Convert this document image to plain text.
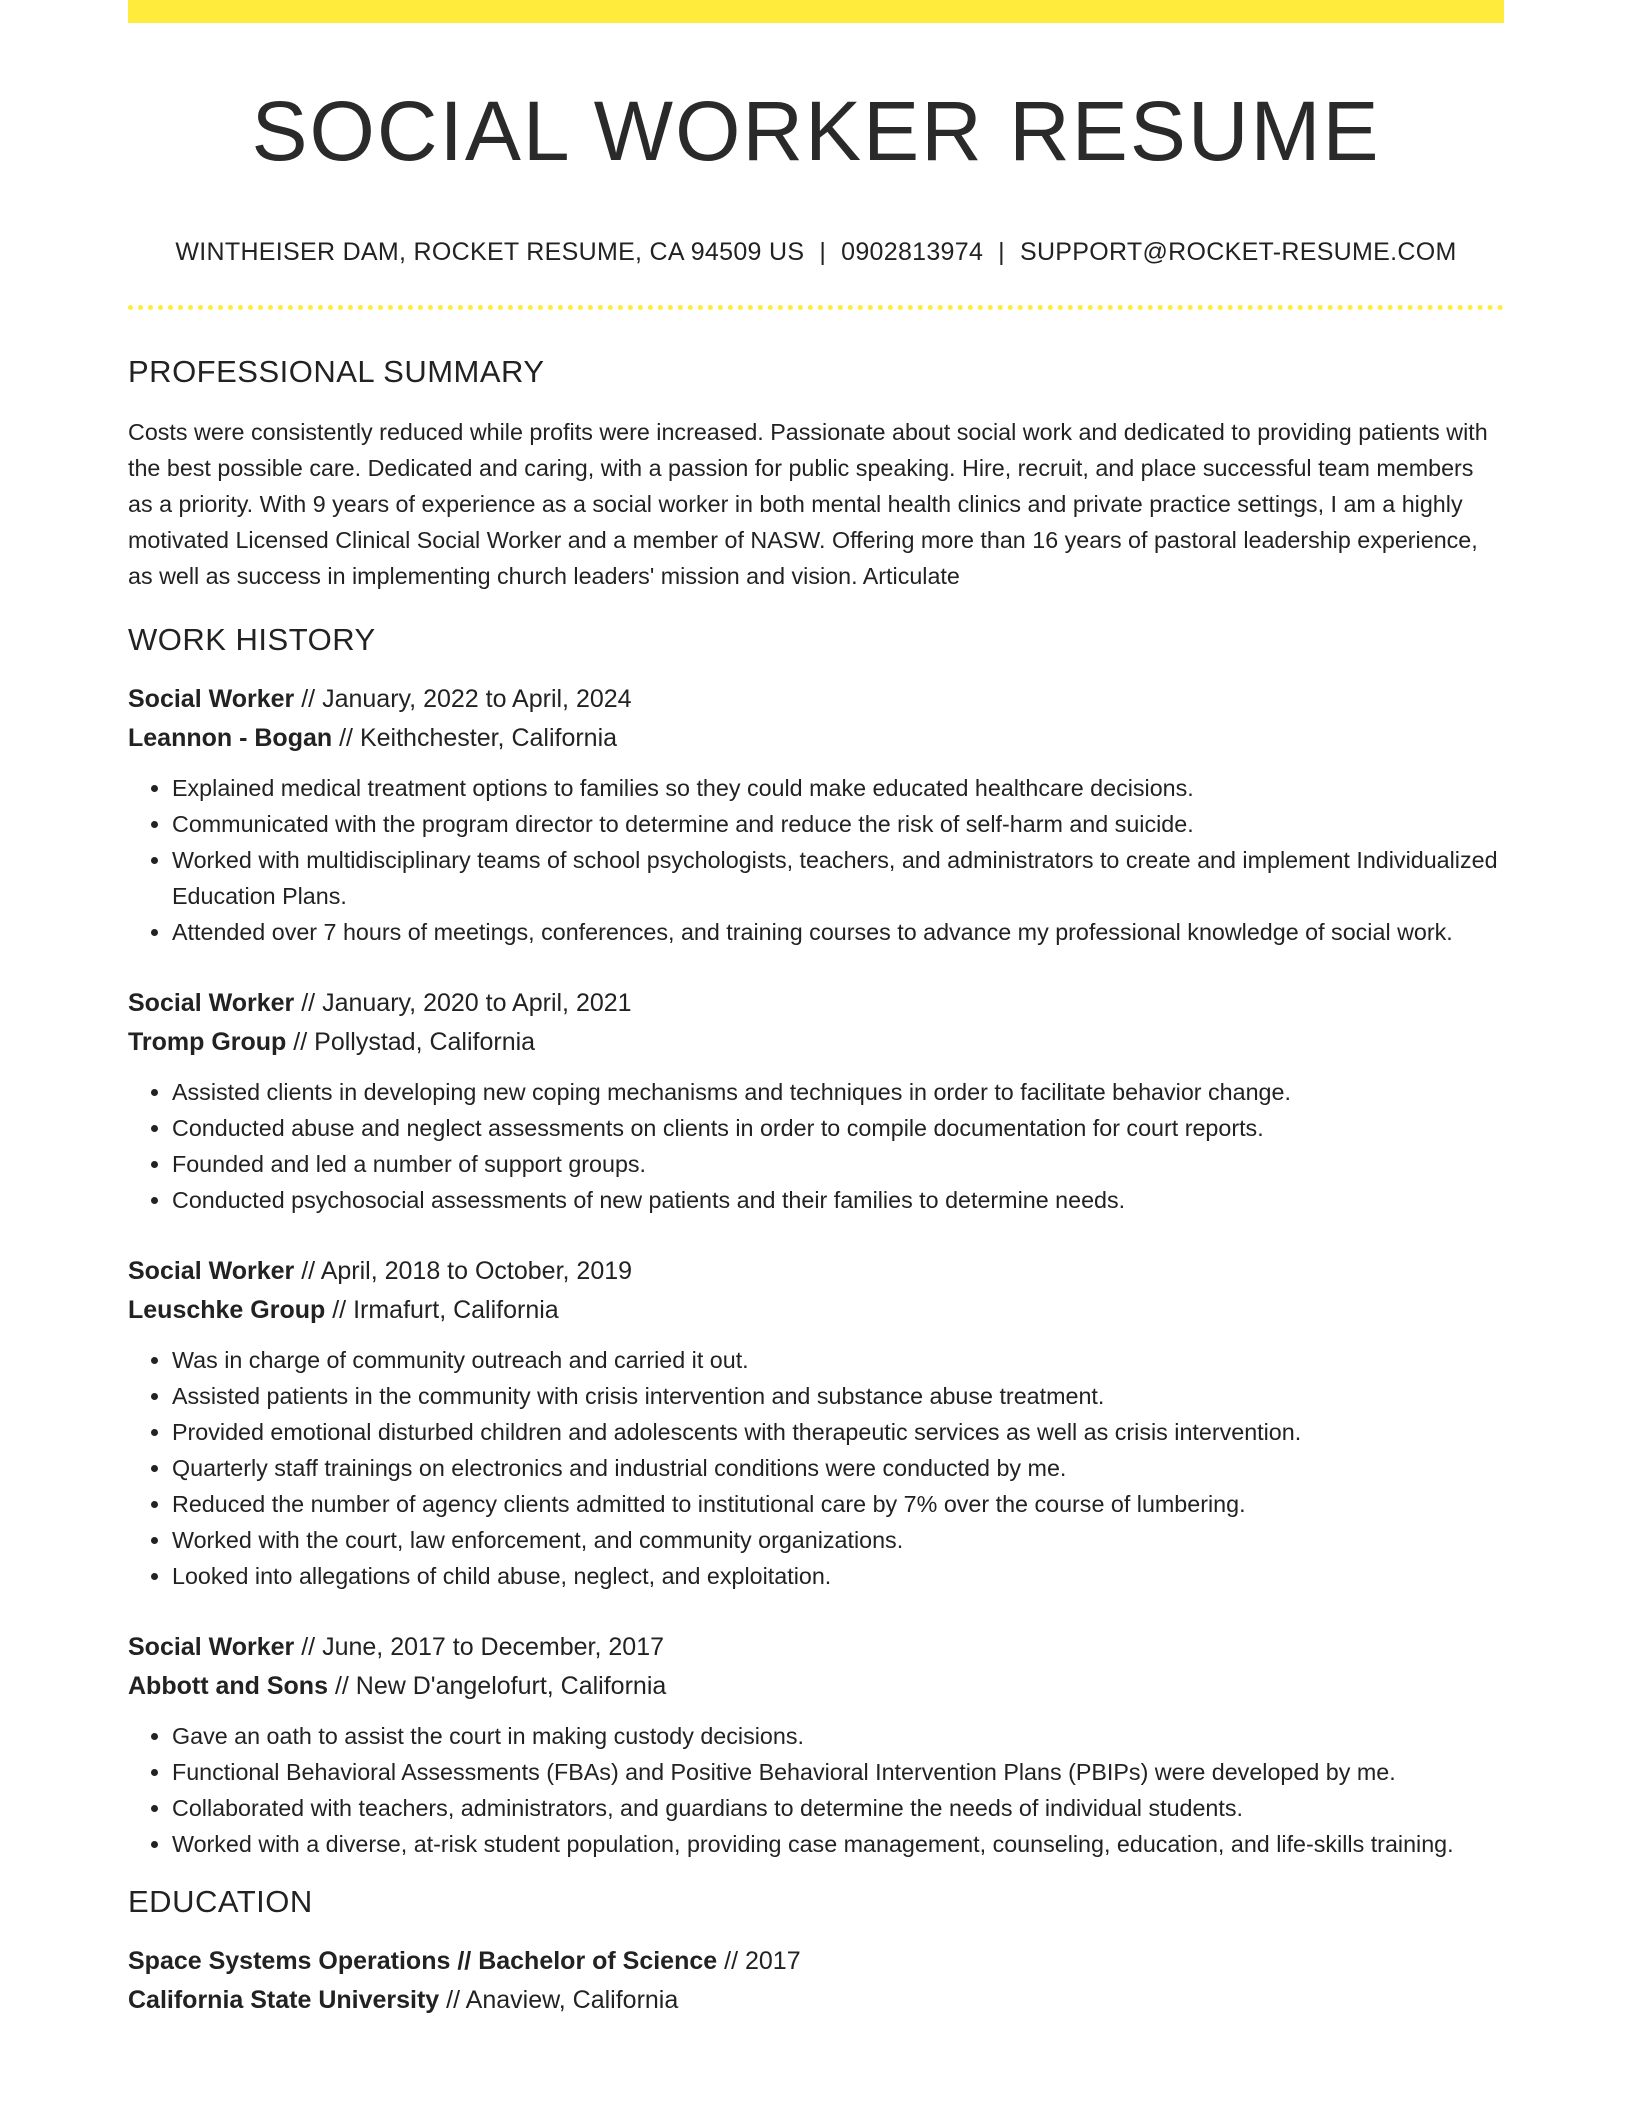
SOCIAL WORKER RESUME
WINTHEISER DAM, ROCKET RESUME, CA 94509 US | 0902813974 | SUPPORT@ROCKET-RESUME.COM
PROFESSIONAL SUMMARY

Costs were consistently reduced while profits were increased. Passionate about social work and dedicated to providing patients with the best possible care. Dedicated and caring, with a passion for public speaking. Hire, recruit, and place successful team members as a priority. With 9 years of experience as a social worker in both mental health clinics and private practice settings, I am a highly motivated Licensed Clinical Social Worker and a member of NASW. Offering more than 16 years of pastoral leadership experience, as well as success in implementing church leaders' mission and vision. Articulate

WORK HISTORY
Social Worker // January, 2022 to April, 2024
Leannon - Bogan // Keithchester, California
• Explained medical treatment options to families so they could make educated healthcare decisions.
• Communicated with the program director to determine and reduce the risk of self-harm and suicide.
• Worked with multidisciplinary teams of school psychologists, teachers, and administrators to create and implement Individualized Education Plans.
• Attended over 7 hours of meetings, conferences, and training courses to advance my professional knowledge of social work.
Social Worker // January, 2020 to April, 2021
Tromp Group // Pollystad, California
• Assisted clients in developing new coping mechanisms and techniques in order to facilitate behavior change.
• Conducted abuse and neglect assessments on clients in order to compile documentation for court reports.
• Founded and led a number of support groups.
• Conducted psychosocial assessments of new patients and their families to determine needs.
Social Worker // April, 2018 to October, 2019
Leuschke Group // Irmafurt, California
• Was in charge of community outreach and carried it out.
• Assisted patients in the community with crisis intervention and substance abuse treatment.
• Provided emotional disturbed children and adolescents with therapeutic services as well as crisis intervention.
• Quarterly staff trainings on electronics and industrial conditions were conducted by me.
• Reduced the number of agency clients admitted to institutional care by 7% over the course of lumbering.
• Worked with the court, law enforcement, and community organizations.
• Looked into allegations of child abuse, neglect, and exploitation.
Social Worker // June, 2017 to December, 2017
Abbott and Sons // New D'angelofurt, California
• Gave an oath to assist the court in making custody decisions.
• Functional Behavioral Assessments (FBAs) and Positive Behavioral Intervention Plans (PBIPs) were developed by me.
• Collaborated with teachers, administrators, and guardians to determine the needs of individual students.
• Worked with a diverse, at-risk student population, providing case management, counseling, education, and life-skills training.
EDUCATION
Space Systems Operations // Bachelor of Science // 2017
California State University // Anaview, California
